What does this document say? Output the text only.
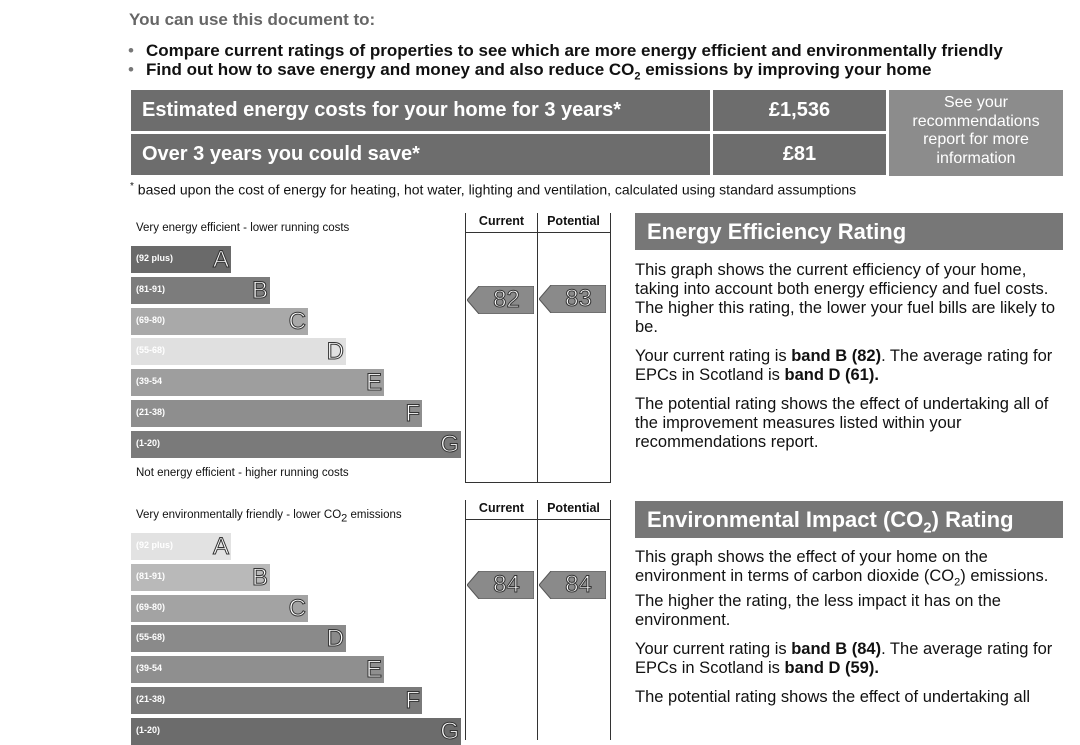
You can use this document to:
• Compare current ratings of properties to see which are more energy efficient and environmentally friendly
• Find out how to save energy and money and also reduce $CO_2$ emissions by improving your home
Estimated energy costs for your home for 3 years*	£1,536
Over 3 years you could save*	£81
See your
recommendations
report for more
information
* based upon the cost of energy for heating, hot water, lighting and ventilation, calculated using standard assumptions
Current	Potential
Very energy efficient - lower running costs
(92 plus) A
(81-91)	B
(69-80)	C
(55-68)	D
(39-54	E
(21-38)	F
(1-20)	G
Not energy efficient - higher running costs
82	83
Energy Efficiency Rating

This graph shows the current efficiency of your home, taking into account both energy efficiency and fuel costs. The higher this rating, the lower your fuel bills are likely to be.

Your current rating is band B (82). The average rating for EPCs in Scotland is band D (61).

The potential rating shows the effect of undertaking all of the improvement measures listed within your recommendations report.

Current	Potential
Very environmentally friendly - lower $CO_2$ emissions
(92 plus) A
(81-91)	B
(69-80)	C
(55-68)	D
(39-54	E
(21-38)	F
(1-20)	G
84	84
Environmental Impact $(CO_2)$ Rating

This graph shows the effect of your home on the environment in terms of carbon dioxide $(CO_2)$ emissions. The higher the rating, the less impact it has on the environment.

Your current rating is band B (84). The average rating for EPCs in Scotland is band D (59).

The potential rating shows the effect of undertaking all
